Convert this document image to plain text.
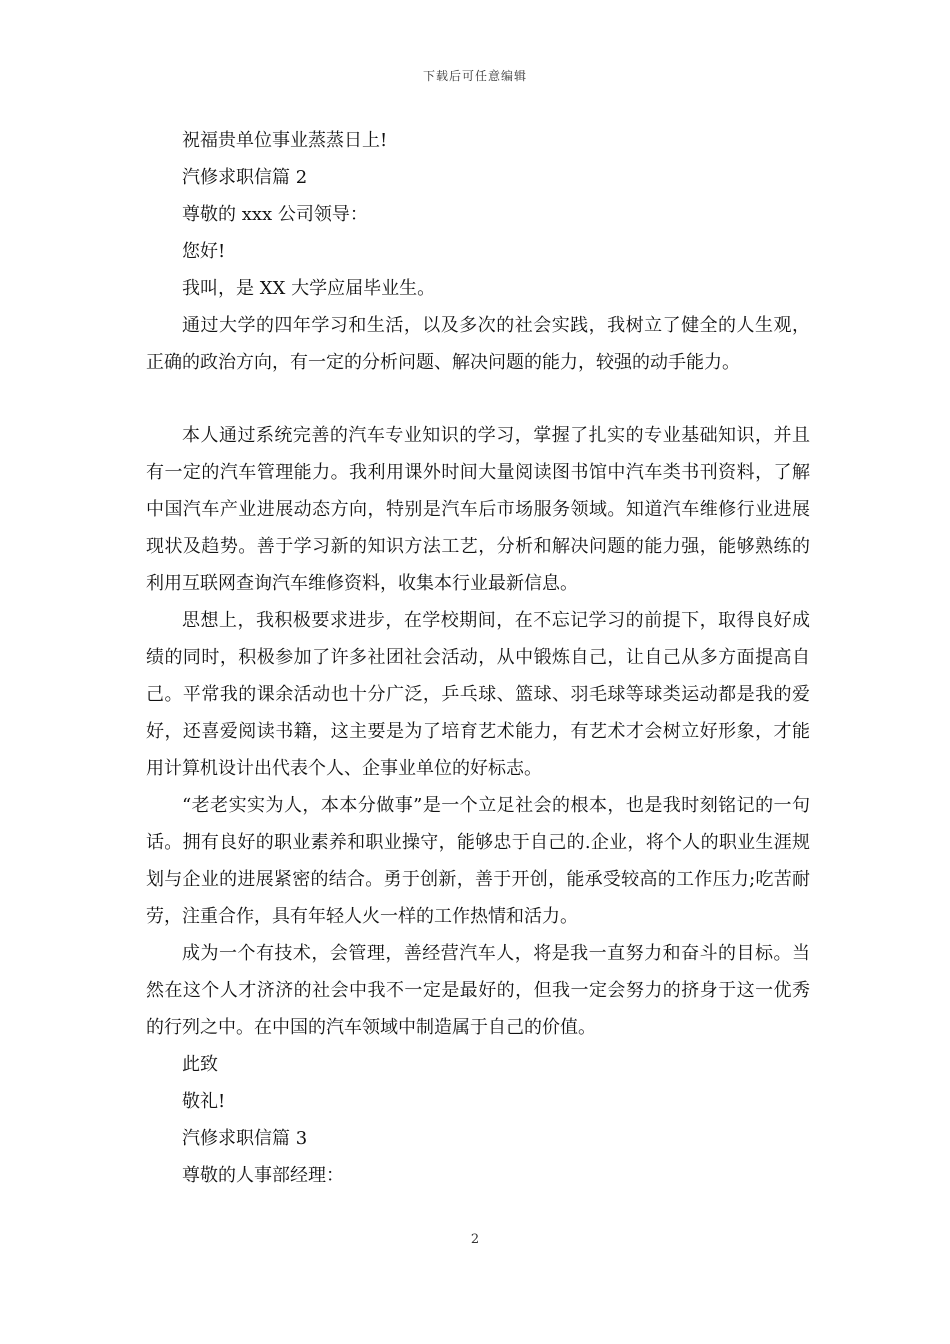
下载后可任意编辑

祝福贵单位事业蒸蒸日上!

汽修求职信篇 2

尊敬的 xxx 公司领导：

您好!

我叫，是 XX 大学应届毕业生。

通过大学的四年学习和生活，以及多次的社会实践，我树立了健全的人生观，正确的政治方向，有一定的分析问题、解决问题的能力，较强的动手能力。

本人通过系统完善的汽车专业知识的学习，掌握了扎实的专业基础知识，并且有一定的汽车管理能力。我利用课外时间大量阅读图书馆中汽车类书刊资料，了解中国汽车产业进展动态方向，特别是汽车后市场服务领域。知道汽车维修行业进展现状及趋势。善于学习新的知识方法工艺，分析和解决问题的能力强，能够熟练的利用互联网查询汽车维修资料，收集本行业最新信息。

思想上，我积极要求进步，在学校期间，在不忘记学习的前提下，取得良好成绩的同时，积极参加了许多社团社会活动，从中锻炼自己，让自己从多方面提高自己。平常我的课余活动也十分广泛，乒乓球、篮球、羽毛球等球类运动都是我的爱好，还喜爱阅读书籍，这主要是为了培育艺术能力，有艺术才会树立好形象，才能用计算机设计出代表个人、企事业单位的好标志。

“老老实实为人，本本分做事”是一个立足社会的根本，也是我时刻铭记的一句话。拥有良好的职业素养和职业操守，能够忠于自己的.企业，将个人的职业生涯规划与企业的进展紧密的结合。勇于创新，善于开创，能承受较高的工作压力;吃苦耐劳，注重合作，具有年轻人火一样的工作热情和活力。

成为一个有技术，会管理，善经营汽车人，将是我一直努力和奋斗的目标。当然在这个人才济济的社会中我不一定是最好的，但我一定会努力的挤身于这一优秀的行列之中。在中国的汽车领域中制造属于自己的价值。

此致

敬礼!

汽修求职信篇 3

尊敬的人事部经理：

2
